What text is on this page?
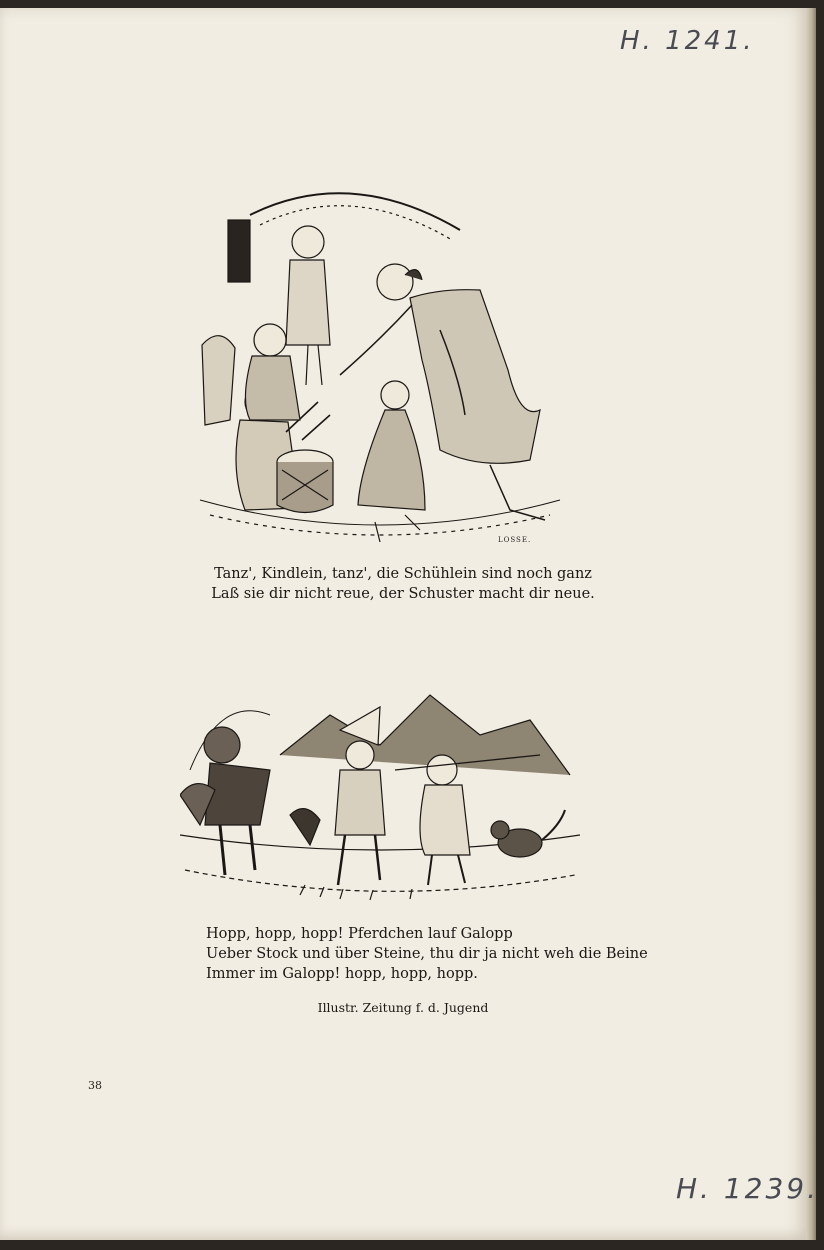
H. 1241.
LOSSE.
Tanz', Kindlein, tanz', die Schühlein sind noch ganz
Laß sie dir nicht reue, der Schuster macht dir neue.
Hopp, hopp, hopp! Pferdchen lauf Galopp
Ueber Stock und über Steine, thu dir ja nicht weh die Beine
Immer im Galopp! hopp, hopp, hopp.
Illustr. Zeitung f. d. Jugend
38
H. 1239.
